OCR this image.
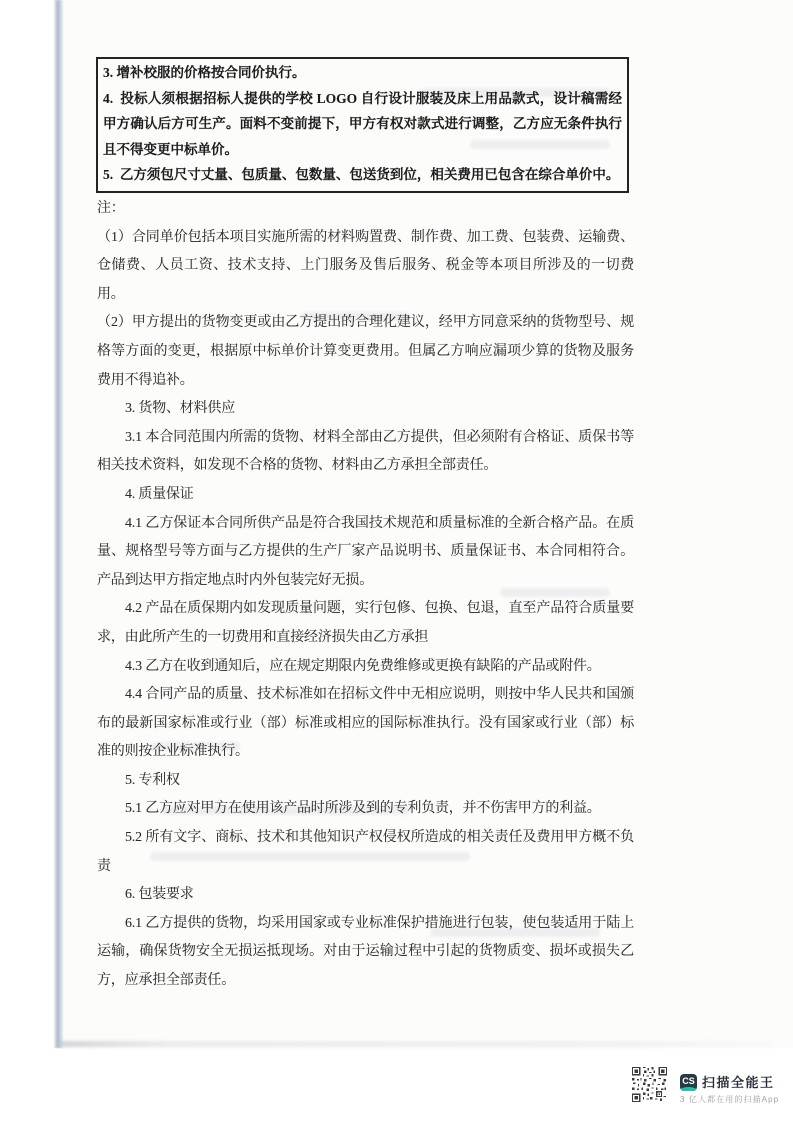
3. 增补校服的价格按合同价执行。

4.  投标人须根据招标人提供的学校 LOGO 自行设计服装及床上用品款式，设计稿需经甲方确认后方可生产。面料不变前提下，甲方有权对款式进行调整，乙方应无条件执行且不得变更中标单价。

5.  乙方须包尺寸丈量、包质量、包数量、包送货到位，相关费用已包含在综合单价中。

注：

（1）合同单价包括本项目实施所需的材料购置费、制作费、加工费、包装费、运输费、仓储费、人员工资、技术支持、上门服务及售后服务、税金等本项目所涉及的一切费用。

（2）甲方提出的货物变更或由乙方提出的合理化建议，经甲方同意采纳的货物型号、规格等方面的变更，根据原中标单价计算变更费用。但属乙方响应漏项少算的货物及服务费用不得追补。

3. 货物、材料供应

3.1 本合同范围内所需的货物、材料全部由乙方提供，但必须附有合格证、质保书等相关技术资料，如发现不合格的货物、材料由乙方承担全部责任。

4. 质量保证

4.1 乙方保证本合同所供产品是符合我国技术规范和质量标准的全新合格产品。在质量、规格型号等方面与乙方提供的生产厂家产品说明书、质量保证书、本合同相符合。产品到达甲方指定地点时内外包装完好无损。

4.2 产品在质保期内如发现质量问题，实行包修、包换、包退，直至产品符合质量要求，由此所产生的一切费用和直接经济损失由乙方承担

4.3 乙方在收到通知后，应在规定期限内免费维修或更换有缺陷的产品或附件。

4.4 合同产品的质量、技术标准如在招标文件中无相应说明，则按中华人民共和国颁布的最新国家标准或行业（部）标准或相应的国际标准执行。没有国家或行业（部）标准的则按企业标准执行。

5. 专利权

5.1 乙方应对甲方在使用该产品时所涉及到的专利负责，并不伤害甲方的利益。

5.2 所有文字、商标、技术和其他知识产权侵权所造成的相关责任及费用甲方概不负责

6. 包装要求

6.1 乙方提供的货物，均采用国家或专业标准保护措施进行包装，使包装适用于陆上运输，确保货物安全无损运抵现场。对由于运输过程中引起的货物质变、损坏或损失乙方，应承担全部责任。

CS 扫描全能王
3 亿人都在用的扫描App
